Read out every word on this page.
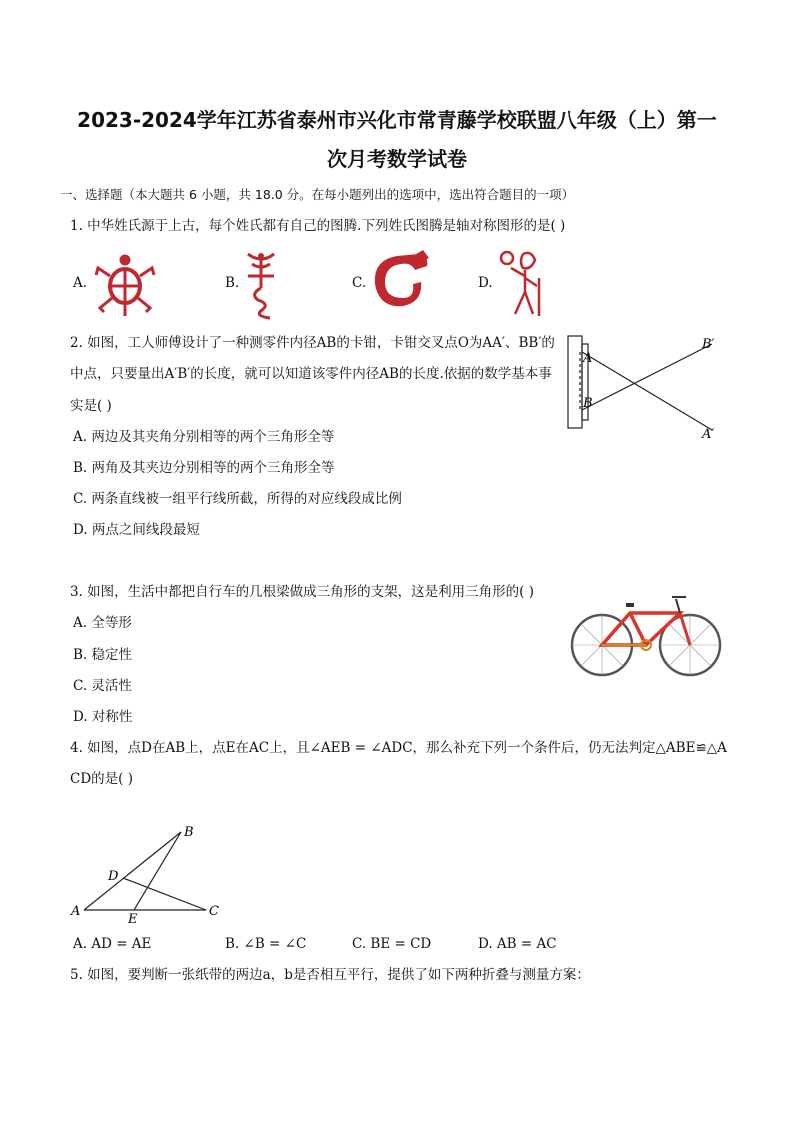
2023-2024学年江苏省泰州市兴化市常青藤学校联盟八年级（上）第一
次月考数学试卷
一、选择题（本大题共 6 小题，共 18.0 分。在每小题列出的选项中，选出符合题目的一项）
1. 中华姓氏源于上古，每个姓氏都有自己的图腾.下列姓氏图腾是轴对称图形的是( )
A.	B.	C.	D.
2. 如图，工人师傅设计了一种测零件内径AB的卡钳，卡钳交叉点O为AA′、BB′的
中点，只要量出A′B′的长度，就可以知道该零件内径AB的长度.依据的数学基本事
实是( )
A. 两边及其夹角分别相等的两个三角形全等
B. 两角及其夹边分别相等的两个三角形全等
C. 两条直线被一组平行线所截，所得的对应线段成比例
D. 两点之间线段最短
A
B
B′
A′
3. 如图，生活中都把自行车的几根梁做成三角形的支架，这是利用三角形的( )
A. 全等形
B. 稳定性
C. 灵活性
D. 对称性
4. 如图，点D在AB上，点E在AC上，且∠AEB = ∠ADC，那么补充下列一个条件后，仍无法判定△ABE≌△A
CD的是( )
B
D
A
E
C
A. AD = AE	B. ∠B = ∠C	C. BE = CD	D. AB = AC
5. 如图，要判断一张纸带的两边a，b是否相互平行，提供了如下两种折叠与测量方案：
